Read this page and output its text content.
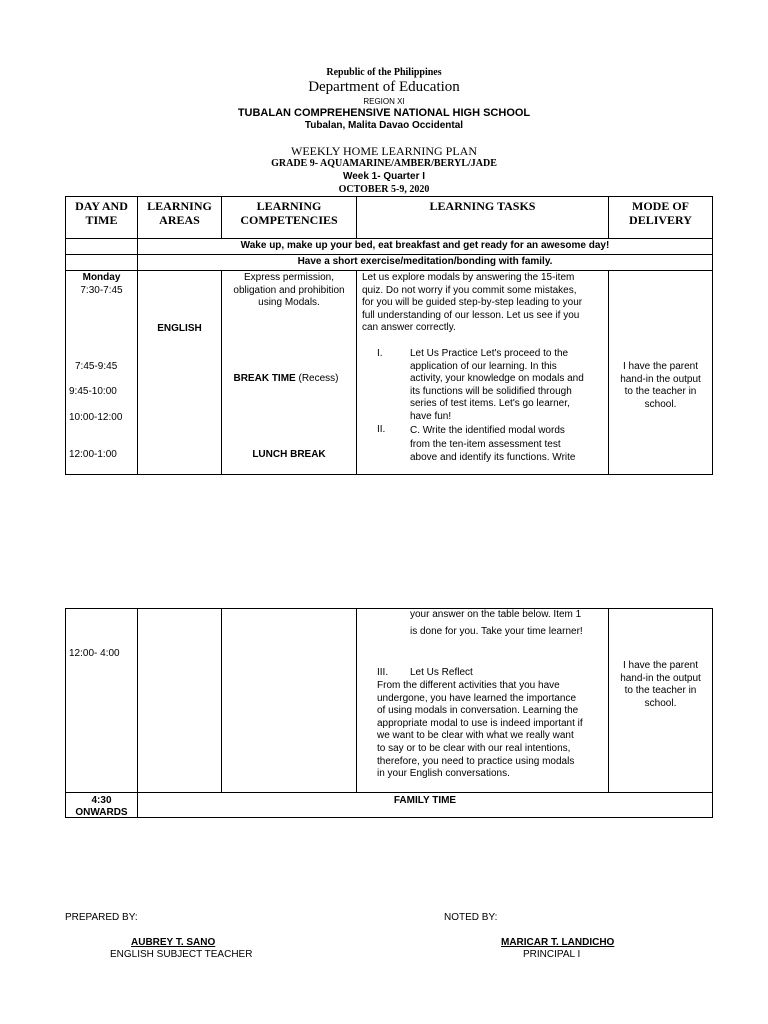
Republic of the Philippines
Department of Education
REGION XI
TUBALAN COMPREHENSIVE NATIONAL HIGH SCHOOL
Tubalan, Malita Davao Occidental
WEEKLY HOME LEARNING PLAN
GRADE 9- AQUAMARINE/AMBER/BERYL/JADE
Week 1- Quarter I
OCTOBER 5-9, 2020
DAY AND
TIME
LEARNING
AREAS
LEARNING
COMPETENCIES
LEARNING TASKS	MODE OF
DELIVERY
Wake up, make up your bed, eat breakfast and get ready for an awesome day!
Have a short exercise/meditation/bonding with family.
Monday
7:30-7:45
7:45-9:45
9:45-10:00
10:00-12:00
12:00-1:00
ENGLISH
BREAK TIME (Recess)
LUNCH BREAK
Express permission,
obligation and prohibition
using Modals.
Let us explore modals by answering the 15-item
quiz. Do not worry if you commit some mistakes,
for you will be guided step-by-step leading to your
full understanding of our lesson. Let us see if you
can answer correctly.
I.	Let Us Practice Let's proceed to the
application of our learning. In this
activity, your knowledge on modals and
its functions will be solidified through
series of test items. Let's go learner,
have fun!
II. C. Write the identified modal words
from the ten-item assessment test
above and identify its functions. Write
I have the parent
hand-in the output
to the teacher in
school.
your answer on the table below. Item 1
is done for you. Take your time learner!
12:00- 4:00
III. Let Us Reflect
From the different activities that you have
undergone, you have learned the importance
of using modals in conversation. Learning the
appropriate modal to use is indeed important if
we want to be clear with what we really want
to say or to be clear with our real intentions,
therefore, you need to practice using modals
in your English conversations.
I have the parent
hand-in the output
to the teacher in
school.
4:30
ONWARDS
FAMILY TIME
PREPARED BY:
AUBREY T. SANO
ENGLISH SUBJECT TEACHER
NOTED BY:
MARICAR T. LANDICHO
PRINCIPAL I
